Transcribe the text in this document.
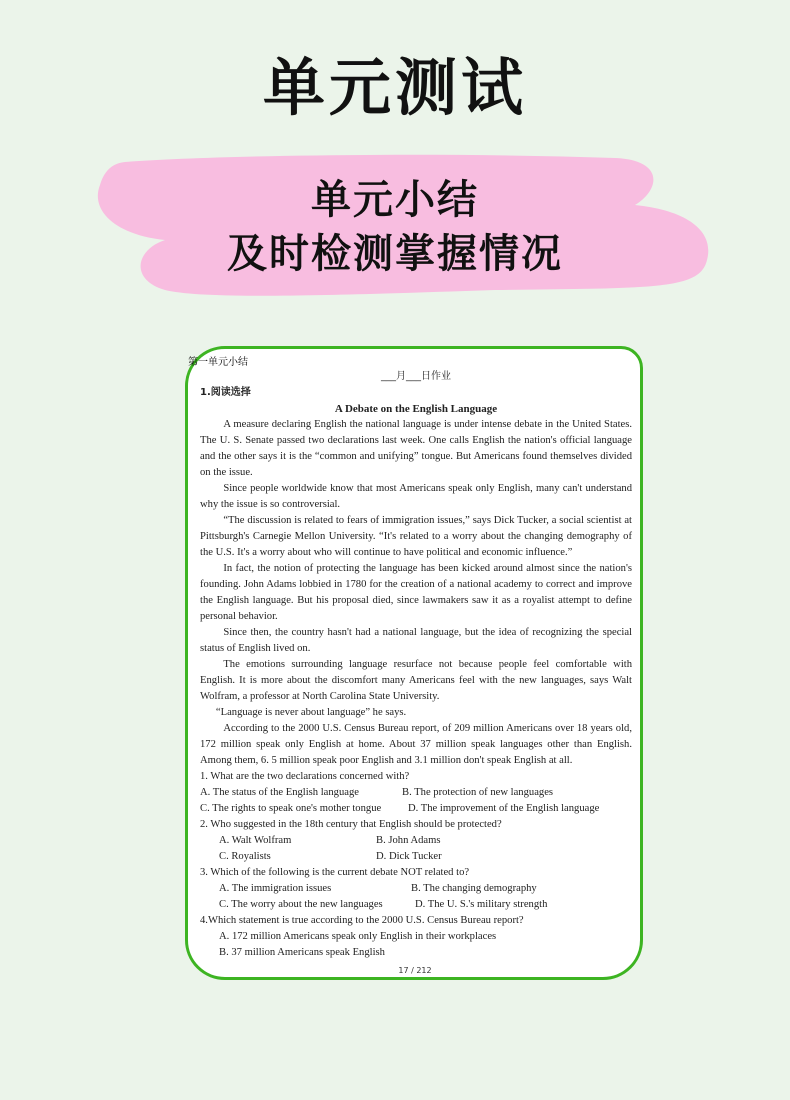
单元测试
单元小结
及时检测掌握情况
第一单元小结
___月___日作业
1.阅读选择
A Debate on the English Language

A measure declaring English the national language is under intense debate in the United States. The U. S. Senate passed two declarations last week. One calls English the nation's official language and the other says it is the “common and unifying” tongue. But Americans found themselves divided on the issue.

Since people worldwide know that most Americans speak only English, many can't understand why the issue is so controversial.

“The discussion is related to fears of immigration issues,” says Dick Tucker, a social scientist at Pittsburgh's Carnegie Mellon University. “It's related to a worry about the changing demography of the U.S. It's a worry about who will continue to have political and economic influence.”

In fact, the notion of protecting the language has been kicked around almost since the nation's founding. John Adams lobbied in 1780 for the creation of a national academy to correct and improve the English language. But his proposal died, since lawmakers saw it as a royalist attempt to define personal behavior.

Since then, the country hasn't had a national language, but the idea of recognizing the special status of English lived on.

The emotions surrounding language resurface not because people feel comfortable with English. It is more about the discomfort many Americans feel with the new languages, says Walt Wolfram, a professor at North Carolina State University.

“Language is never about language” he says.

According to the 2000 U.S. Census Bureau report, of 209 million Americans over 18 years old, 172 million speak only English at home. About 37 million speak languages other than English. Among them, 6. 5 million speak poor English and 3.1 million don't speak English at all.

1. What are the two declarations concerned with?
A. The status of the English language	B. The protection of new languages
C. The rights to speak one's mother tongue	D. The improvement of the English language
2. Who suggested in the 18th century that English should be protected?
A. Walt Wolfram	B. John Adams
C. Royalists	D. Dick Tucker
3. Which of the following is the current debate NOT related to?
A. The immigration issues	B. The changing demography
C. The worry about the new languages	D. The U. S.'s military strength
4.Which statement is true according to the 2000 U.S. Census Bureau report?
A. 172 million Americans speak only English in their workplaces
B. 37 million Americans speak English
17 / 212
